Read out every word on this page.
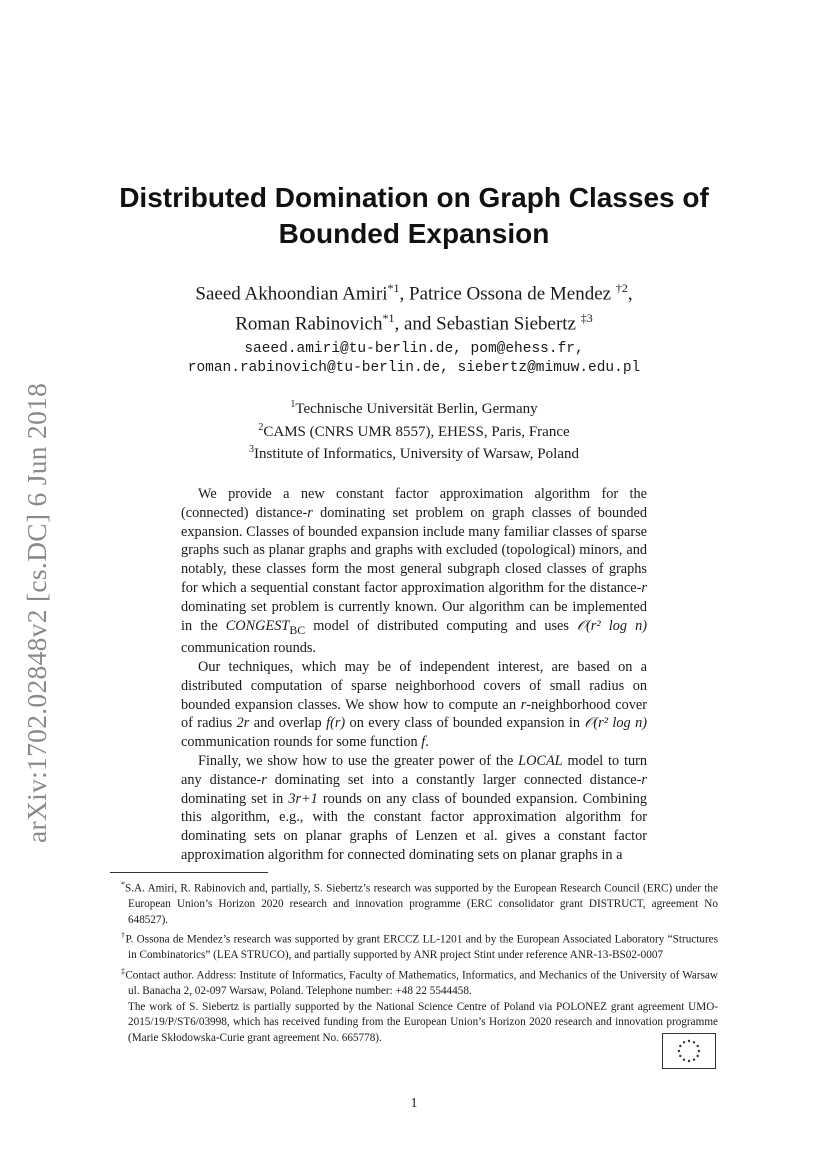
arXiv:1702.02848v2 [cs.DC] 6 Jun 2018
Distributed Domination on Graph Classes of
Bounded Expansion
Saeed Akhoondian Amiri$^{*1}$, Patrice Ossona de Mendez $^{\dagger 2}$,
Roman Rabinovich$^{*1}$, and Sebastian Siebertz $^{\ddagger 3}$
saeed.amiri@tu-berlin.de, pom@ehess.fr,
roman.rabinovich@tu-berlin.de, siebertz@mimuw.edu.pl
$^1$Technische Universität Berlin, Germany
$^2$CAMS (CNRS UMR 8557), EHESS, Paris, France
$^3$Institute of Informatics, University of Warsaw, Poland

We provide a new constant factor approximation algorithm for the (connected) distance-r dominating set problem on graph classes of bounded expansion. Classes of bounded expansion include many familiar classes of sparse graphs such as planar graphs and graphs with excluded (topological) minors, and notably, these classes form the most general subgraph closed classes of graphs for which a sequential constant factor approximation algorithm for the distance-r dominating set problem is currently known. Our algorithm can be implemented in the $CONGEST_{BC}$ model of distributed computing and uses 𝒪(r² log n) communication rounds.

Our techniques, which may be of independent interest, are based on a distributed computation of sparse neighborhood covers of small radius on bounded expansion classes. We show how to compute an r-neighborhood cover of radius 2r and overlap f(r) on every class of bounded expansion in 𝒪(r² log n) communication rounds for some function f.

Finally, we show how to use the greater power of the LOCAL model to turn any distance-r dominating set into a constantly larger connected distance-r dominating set in 3r+1 rounds on any class of bounded expansion. Combining this algorithm, e.g., with the constant factor approximation algorithm for dominating sets on planar graphs of Lenzen et al. gives a constant factor approximation algorithm for connected dominating sets on planar graphs in a

*S.A. Amiri, R. Rabinovich and, partially, S. Siebertz’s research was supported by the European Research Council (ERC) under the European Union’s Horizon 2020 research and innovation programme (ERC consolidator grant DISTRUCT, agreement No 648527).

†P. Ossona de Mendez’s research was supported by grant ERCCZ LL-1201 and by the European Associated Laboratory “Structures in Combinatorics” (LEA STRUCO), and partially supported by ANR project Stint under reference ANR-13-BS02-0007

‡Contact author. Address: Institute of Informatics, Faculty of Mathematics, Informatics, and Mechanics of the University of Warsaw ul. Banacha 2, 02-097 Warsaw, Poland. Telephone number: +48 22 5544458.

The work of S. Siebertz is partially supported by the National Science Centre of Poland via POLONEZ grant agreement UMO-2015/19/P/ST6/03998, which has received funding from the European Union’s Horizon 2020 research and innovation programme (Marie Skłodowska-Curie grant agreement No. 665778).

1
